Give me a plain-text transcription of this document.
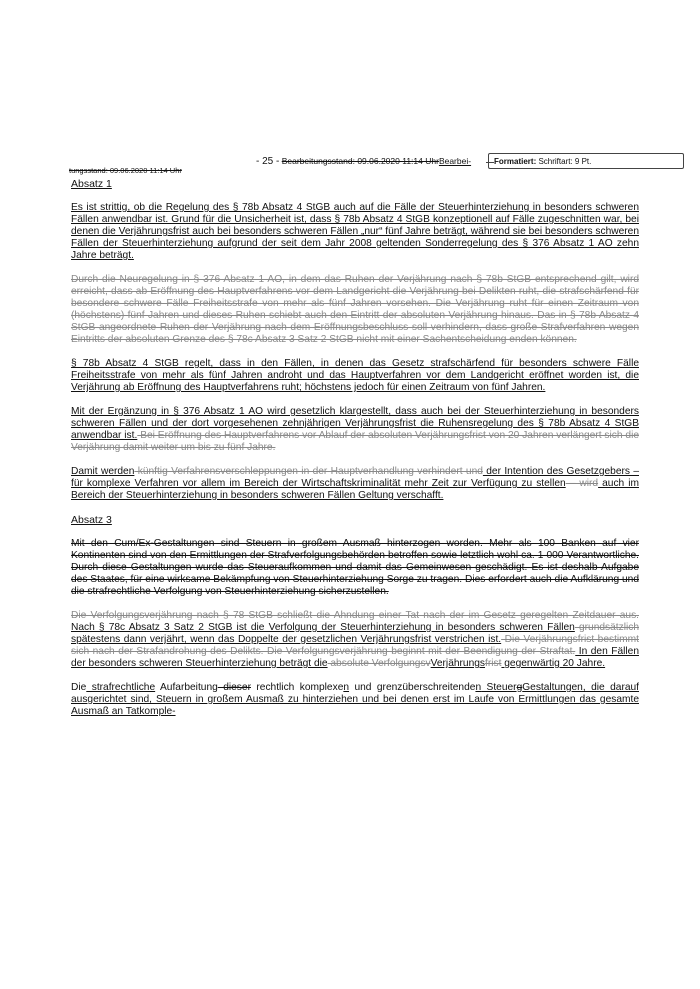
- 25 - Bearbeitungsstand: 09.06.2020 11:14 UhrBearbei-
tungsstand: 09.06.2020 11:14 Uhr
Formatiert: Schriftart: 9 Pt.
Absatz 1

Es ist strittig, ob die Regelung des § 78b Absatz 4 StGB auch auf die Fälle der Steuerhinterziehung in besonders schweren Fällen anwendbar ist. Grund für die Unsicherheit ist, dass § 78b Absatz 4 StGB konzeptionell auf Fälle zugeschnitten war, bei denen die Verjährungsfrist auch bei besonders schweren Fällen „nur“ fünf Jahre beträgt, während sie bei besonders schweren Fällen der Steuerhinterziehung aufgrund der seit dem Jahr 2008 geltenden Sonderregelung des § 376 Absatz 1 AO zehn Jahre beträgt.

Durch die Neuregelung in § 376 Absatz 1 AO, in dem das Ruhen der Verjährung nach § 78b StGB entsprechend gilt, wird erreicht, dass ab Eröffnung des Hauptverfahrens vor dem Landgericht die Verjährung bei Delikten ruht, die strafschärfend für besondere schwere Fälle Freiheitsstrafe von mehr als fünf Jahren vorsehen. Die Verjährung ruht für einen Zeitraum von (höchstens) fünf Jahren und dieses Ruhen schiebt auch den Eintritt der absoluten Verjährung hinaus. Das in § 78b Absatz 4 StGB angeordnete Ruhen der Verjährung nach dem Eröffnungsbeschluss soll verhindern, dass große Strafverfahren wegen Eintritts der absoluten Grenze des § 78c Absatz 3 Satz 2 StGB nicht mit einer Sachentscheidung enden können.

§ 78b Absatz 4 StGB regelt, dass in den Fällen, in denen das Gesetz strafschärfend für besonders schwere Fälle Freiheitsstrafe von mehr als fünf Jahren androht und das Hauptverfahren vor dem Landgericht eröffnet worden ist, die Verjährung ab Eröffnung des Hauptverfahrens ruht; höchstens jedoch für einen Zeitraum von fünf Jahren.

Mit der Ergänzung in § 376 Absatz 1 AO wird gesetzlich klargestellt, dass auch bei der Steuerhinterziehung in besonders schweren Fällen und der dort vorgesehenen zehnjährigen Verjährungsfrist die Ruhensregelung des § 78b Absatz 4 StGB anwendbar ist. Bei Eröffnung des Hauptverfahrens vor Ablauf der absoluten Verjährungsfrist von 20 Jahren verlängert sich die Verjährung damit weiter um bis zu fünf Jahre.

Damit werden künftig Verfahrensverschleppungen in der Hauptverhandlung verhindert und der Intention des Gesetzgebers – für komplexe Verfahren vor allem im Bereich der Wirtschaftskriminalität mehr Zeit zur Verfügung zu stellen – wird auch im Bereich der Steuerhinterziehung in besonders schweren Fällen Geltung verschafft.

Absatz 3

Mit den Cum/Ex-Gestaltungen sind Steuern in großem Ausmaß hinterzogen worden. Mehr als 100 Banken auf vier Kontinenten sind von den Ermittlungen der Strafverfolgungsbehörden betroffen sowie letztlich wohl ca. 1 000 Verantwortliche. Durch diese Gestaltungen wurde das Steueraufkommen und damit das Gemeinwesen geschädigt. Es ist deshalb Aufgabe des Staates, für eine wirksame Bekämpfung von Steuerhinterziehung Sorge zu tragen. Dies erfordert auch die Aufklärung und die strafrechtliche Verfolgung von Steuerhinterziehung sicherzustellen.

Die Verfolgungsverjährung nach § 78 StGB schließt die Ahndung einer Tat nach der im Gesetz geregelten Zeitdauer aus. Nach § 78c Absatz 3 Satz 2 StGB ist die Verfolgung der Steuerhinterziehung in besonders schweren Fällen grundsätzlich spätestens dann verjährt, wenn das Doppelte der gesetzlichen Verjährungsfrist verstrichen ist. Die Verjährungsfrist bestimmt sich nach der Strafandrohung des Delikts. Die Verfolgungsverjährung beginnt mit der Beendigung der Straftat. In den Fällen der besonders schweren Steuerhinterziehung beträgt die absolute VerfolgungsvVerjährungsfrist gegenwärtig 20 Jahre.

Die strafrechtliche Aufarbeitung dieser rechtlich komplexen und grenzüberschreitenden SteuergGestaltungen, die darauf ausgerichtet sind, Steuern in großem Ausmaß zu hinterziehen und bei denen erst im Laufe von Ermittlungen das gesamte Ausmaß an Tatkomple-
